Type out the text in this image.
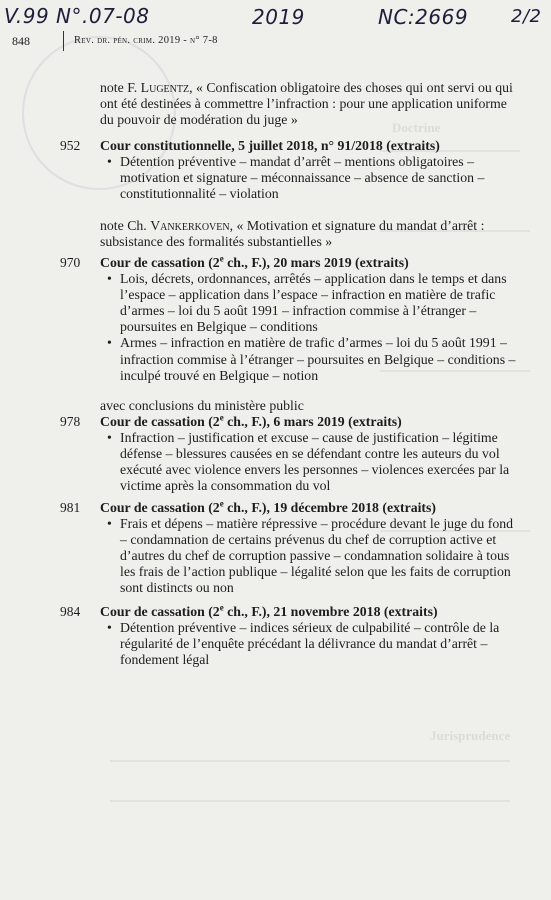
Doctrine
Jurisprudence
V.99 N°.07-08	2019	NC:2669 2/2
848	Rev. dr. pén. crim. 2019 - n° 7-8

note F. Lugentz, « Confiscation obligatoire des choses qui ont servi ou qui ont été destinées à commettre l’infraction : pour une application uniforme du pouvoir de modération du juge »

952 Cour constitutionnelle, 5 juillet 2018, n° 91/2018 (extraits)

• Détention préventive – mandat d’arrêt – mentions obligatoires – motivation et signature – méconnaissance – absence de sanction – constitutionnalité – violation

note Ch. Vankerkoven, « Motivation et signature du mandat d’arrêt : subsistance des formalités substantielles »

970 Cour de cassation (2e ch., F.), 20 mars 2019 (extraits)

• Lois, décrets, ordonnances, arrêtés – application dans le temps et dans l’espace – application dans l’espace – infraction en matière de trafic d’armes – loi du 5 août 1991 – infraction commise à l’étranger – poursuites en Belgique – conditions

• Armes – infraction en matière de trafic d’armes – loi du 5 août 1991 – infraction commise à l’étranger – poursuites en Belgique – conditions – inculpé trouvé en Belgique – notion

avec conclusions du ministère public

978 Cour de cassation (2e ch., F.), 6 mars 2019 (extraits)

• Infraction – justification et excuse – cause de justification – légitime défense – blessures causées en se défendant contre les auteurs du vol exécuté avec violence envers les personnes – violences exercées par la victime après la consommation du vol

981 Cour de cassation (2e ch., F.), 19 décembre 2018 (extraits)

• Frais et dépens – matière répressive – procédure devant le juge du fond – condamnation de certains prévenus du chef de corruption active et d’autres du chef de corruption passive – condamnation solidaire à tous les frais de l’action publique – légalité selon que les faits de corruption sont distincts ou non

984 Cour de cassation (2e ch., F.), 21 novembre 2018 (extraits)

• Détention préventive – indices sérieux de culpabilité – contrôle de la régularité de l’enquête précédant la délivrance du mandat d’arrêt – fondement légal
